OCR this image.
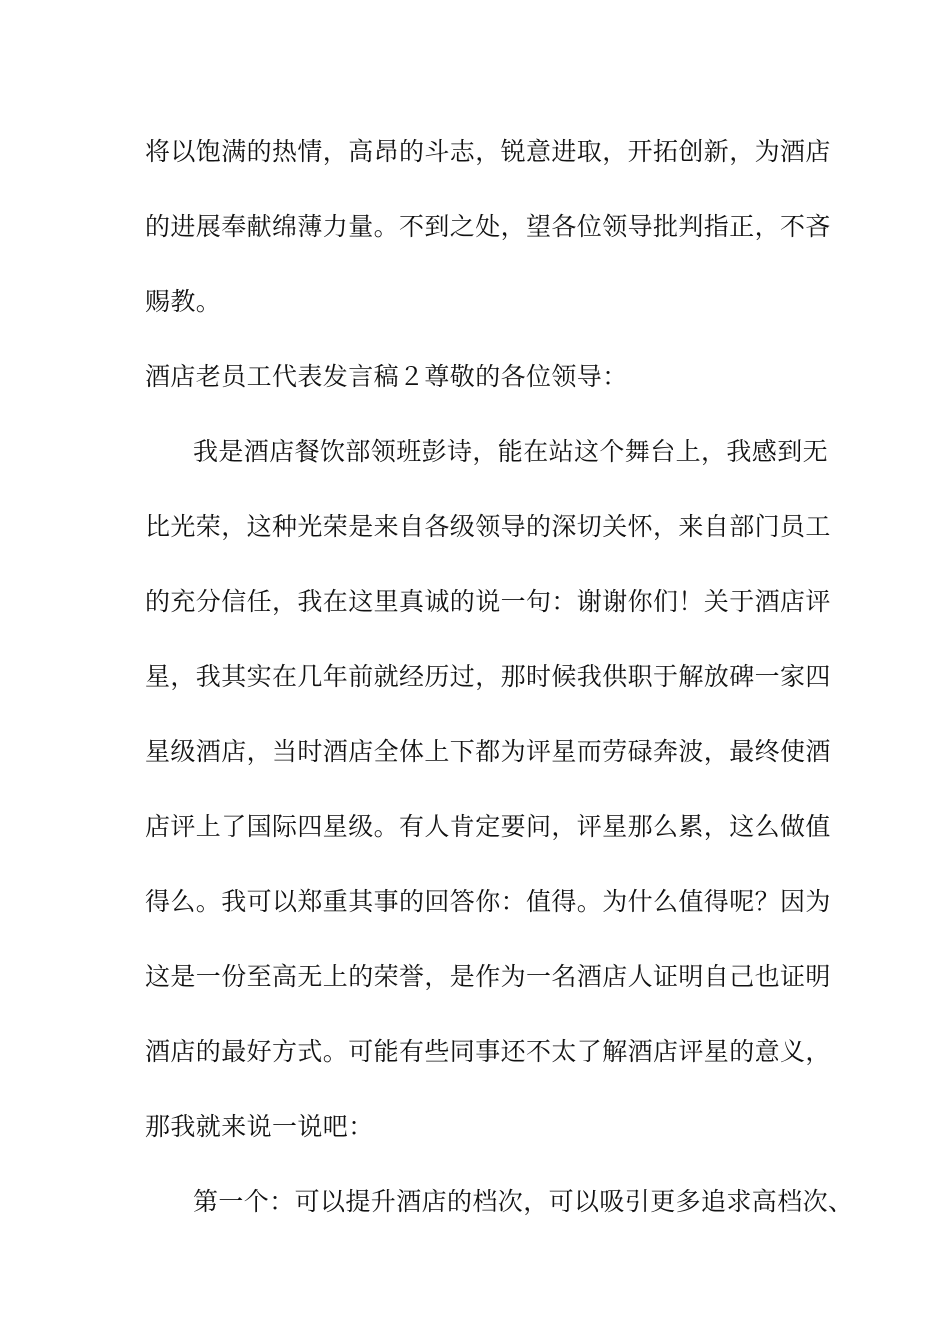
将以饱满的热情，高昂的斗志，锐意进取，开拓创新，为酒店
的进展奉献绵薄力量。不到之处，望各位领导批判指正，不吝
赐教。
酒店老员工代表发言稿２尊敬的各位领导：
我是酒店餐饮部领班彭诗，能在站这个舞台上，我感到无
比光荣，这种光荣是来自各级领导的深切关怀，来自部门员工
的充分信任，我在这里真诚的说一句：谢谢你们！关于酒店评
星，我其实在几年前就经历过，那时候我供职于解放碑一家四
星级酒店，当时酒店全体上下都为评星而劳碌奔波，最终使酒
店评上了国际四星级。有人肯定要问，评星那么累，这么做值
得么。我可以郑重其事的回答你：值得。为什么值得呢？因为
这是一份至高无上的荣誉，是作为一名酒店人证明自己也证明
酒店的最好方式。可能有些同事还不太了解酒店评星的意义，
那我就来说一说吧：
第一个：可以提升酒店的档次，可以吸引更多追求高档次、
